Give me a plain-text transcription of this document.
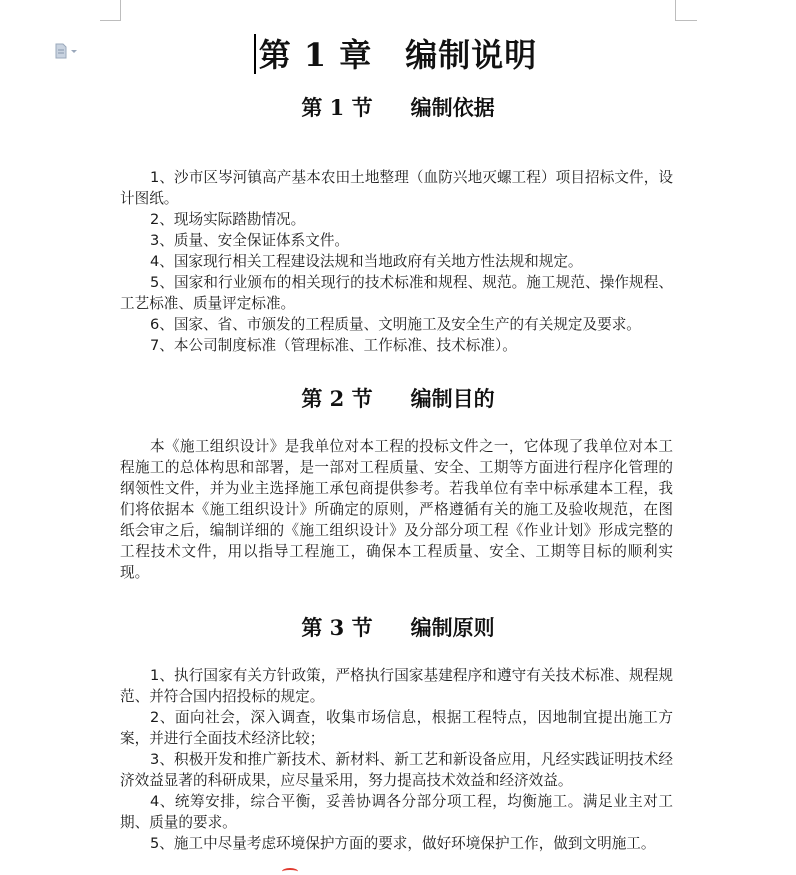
第 1 章　编制说明
第 1 节 编制依据

1、沙市区岑河镇高产基本农田土地整理（血防兴地灭螺工程）项目招标文件，设计图纸。

2、现场实际踏勘情况。

3、质量、安全保证体系文件。

4、国家现行相关工程建设法规和当地政府有关地方性法规和规定。

5、国家和行业颁布的相关现行的技术标准和规程、规范。施工规范、操作规程、工艺标准、质量评定标准。

6、国家、省、市颁发的工程质量、文明施工及安全生产的有关规定及要求。

7、本公司制度标准（管理标准、工作标准、技术标准）。

第 2 节 编制目的

本《施工组织设计》是我单位对本工程的投标文件之一，它体现了我单位对本工程施工的总体构思和部署，是一部对工程质量、安全、工期等方面进行程序化管理的纲领性文件，并为业主选择施工承包商提供参考。若我单位有幸中标承建本工程，我们将依据本《施工组织设计》所确定的原则，严格遵循有关的施工及验收规范，在图纸会审之后，编制详细的《施工组织设计》及分部分项工程《作业计划》形成完整的工程技术文件，用以指导工程施工，确保本工程质量、安全、工期等目标的顺利实现。

第 3 节 编制原则

1、执行国家有关方针政策，严格执行国家基建程序和遵守有关技术标准、规程规范、并符合国内招投标的规定。

2、面向社会，深入调查，收集市场信息，根据工程特点，因地制宜提出施工方案，并进行全面技术经济比较；

3、积极开发和推广新技术、新材料、新工艺和新设备应用，凡经实践证明技术经济效益显著的科研成果，应尽量采用，努力提高技术效益和经济效益。

4、统筹安排，综合平衡，妥善协调各分部分项工程，均衡施工。满足业主对工期、质量的要求。

5、施工中尽量考虑环境保护方面的要求，做好环境保护工作，做到文明施工。
